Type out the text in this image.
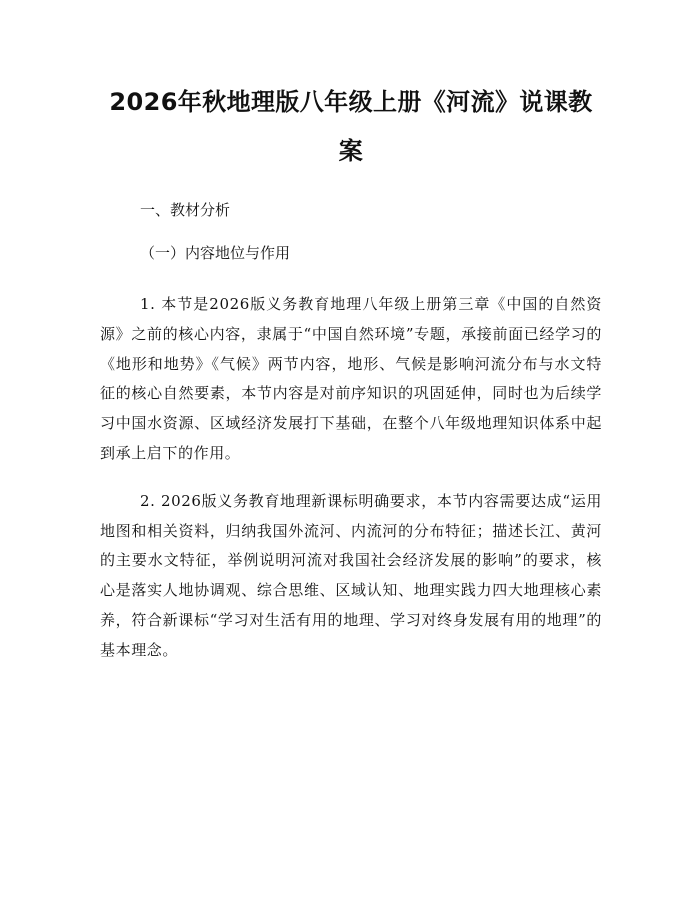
2026年秋地理版八年级上册《河流》说课教案

一、教材分析

（一）内容地位与作用

1. 本节是2026版义务教育地理八年级上册第三章《中国的自然资源》之前的核心内容，隶属于“中国自然环境”专题，承接前面已经学习的《地形和地势》《气候》两节内容，地形、气候是影响河流分布与水文特征的核心自然要素，本节内容是对前序知识的巩固延伸，同时也为后续学习中国水资源、区域经济发展打下基础，在整个八年级地理知识体系中起到承上启下的作用。

2. 2026版义务教育地理新课标明确要求，本节内容需要达成“运用地图和相关资料，归纳我国外流河、内流河的分布特征；描述长江、黄河的主要水文特征，举例说明河流对我国社会经济发展的影响”的要求，核心是落实人地协调观、综合思维、区域认知、地理实践力四大地理核心素养，符合新课标“学习对生活有用的地理、学习对终身发展有用的地理”的基本理念。
